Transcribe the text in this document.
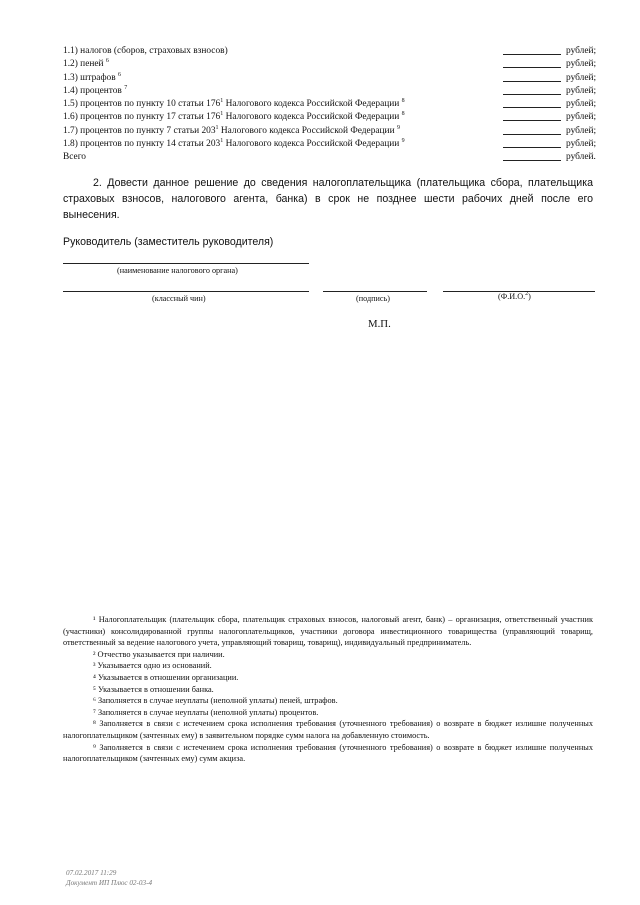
1.1) налогов (сборов, страховых взносов)	рублей;
1.2) пеней $^6$	рублей;
1.3) штрафов $^6$	рублей;
1.4) процентов $^7$	рублей;
1.5) процентов по пункту 10 статьи $176^1$ Налогового кодекса Российской Федерации $^8$	рублей;
1.6) процентов по пункту 17 статьи $176^1$ Налогового кодекса Российской Федерации $^8$	рублей;
1.7) процентов по пункту 7 статьи $203^1$ Налогового кодекса Российской Федерации $^9$	рублей;
1.8) процентов по пункту 14 статьи $203^1$ Налогового кодекса Российской Федерации $^9$	рублей;
Всего	рублей.
2. Довести данное решение до сведения налогоплательщика (плательщика сбора, плательщика страховых взносов, налогового агента, банка) в срок не позднее шести рабочих дней после его вынесения.
Руководитель (заместитель руководителя)
(наименование налогового органа)
(классный чин)	(подпись)	(Ф.И.О.$^2$)
М.П.

¹ Налогоплательщик (плательщик сбора, плательщик страховых взносов, налоговый агент, банк) – организация, ответственный участник (участники) консолидированной группы налогоплательщиков, участники договора инвестиционного товарищества (управляющий товарищ, ответственный за ведение налогового учета, управляющий товарищ, товарищ), индивидуальный предприниматель.

² Отчество указывается при наличии.

³ Указывается одно из оснований.

⁴ Указывается в отношении организации.

⁵ Указывается в отношении банка.

⁶ Заполняется в случае неуплаты (неполной уплаты) пеней, штрафов.

⁷ Заполняется в случае неуплаты (неполной уплаты) процентов.

⁸ Заполняется в связи с истечением срока исполнения требования (уточненного требования) о возврате в бюджет излишне полученных налогоплательщиком (зачтенных ему) в заявительном порядке сумм налога на добавленную стоимость.

⁹ Заполняется в связи с истечением срока исполнения требования (уточненного требования) о возврате в бюджет излишне полученных налогоплательщиком (зачтенных ему) сумм акциза.

07.02.2017 11:29
Документ ИП Плюс 02-03-4
